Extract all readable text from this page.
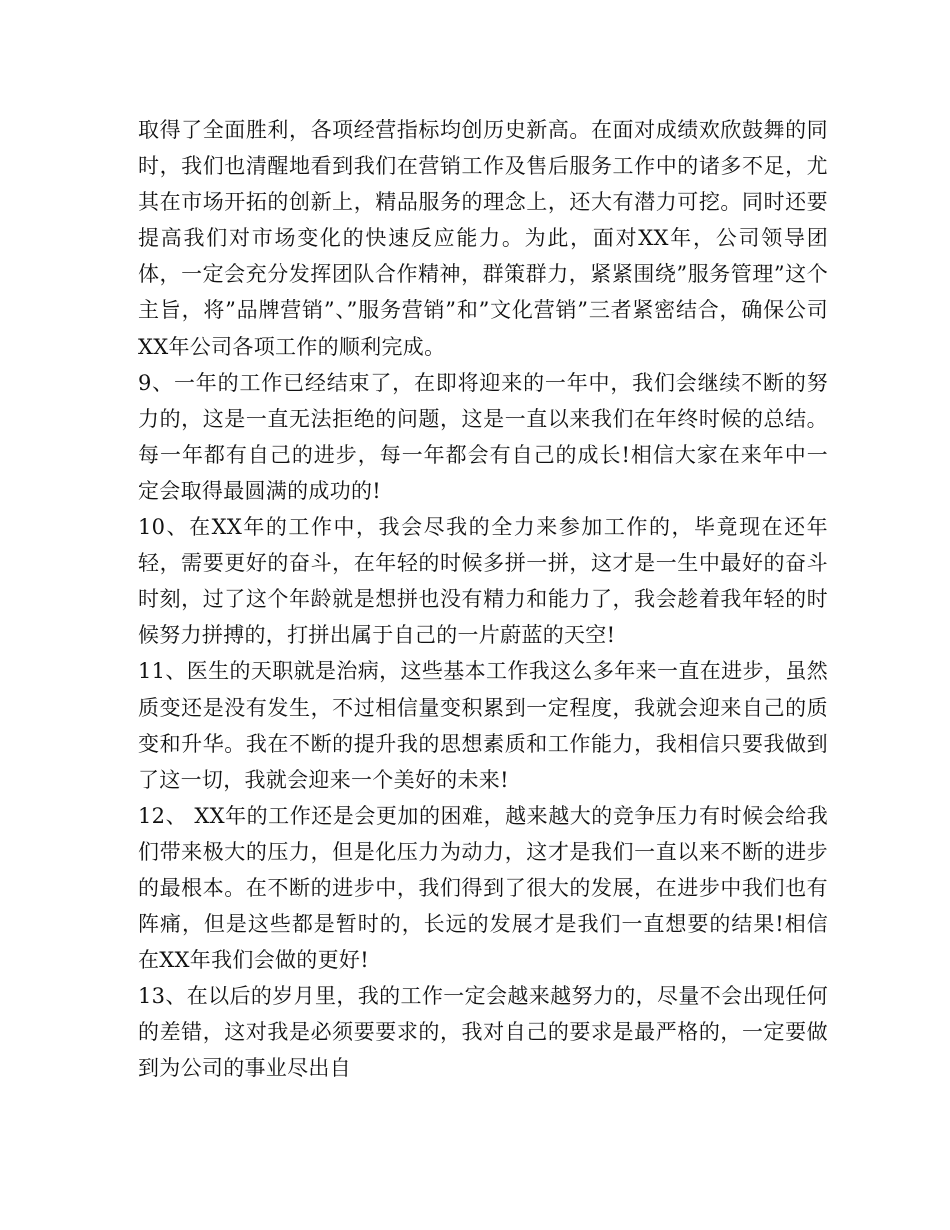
取得了全面胜利，各项经营指标均创历史新高。在面对成绩欢欣鼓舞的同时，我们也清醒地看到我们在营销工作及售后服务工作中的诸多不足，尤其在市场开拓的创新上，精品服务的理念上，还大有潜力可挖。同时还要提高我们对市场变化的快速反应能力。为此，面对XX年，公司领导团体，一定会充分发挥团队合作精神，群策群力，紧紧围绕”服务管理”这个主旨，将”品牌营销”、”服务营销”和”文化营销”三者紧密结合，确保公司XX年公司各项工作的顺利完成。

9、一年的工作已经结束了，在即将迎来的一年中，我们会继续不断的努力的，这是一直无法拒绝的问题，这是一直以来我们在年终时候的总结。每一年都有自己的进步，每一年都会有自己的成长!相信大家在来年中一定会取得最圆满的成功的!

10、在XX年的工作中，我会尽我的全力来参加工作的，毕竟现在还年轻，需要更好的奋斗，在年轻的时候多拼一拼，这才是一生中最好的奋斗时刻，过了这个年龄就是想拼也没有精力和能力了，我会趁着我年轻的时候努力拼搏的，打拼出属于自己的一片蔚蓝的天空!

11、医生的天职就是治病，这些基本工作我这么多年来一直在进步，虽然质变还是没有发生，不过相信量变积累到一定程度，我就会迎来自己的质变和升华。我在不断的提升我的思想素质和工作能力，我相信只要我做到了这一切，我就会迎来一个美好的未来!

12、 XX年的工作还是会更加的困难，越来越大的竞争压力有时候会给我们带来极大的压力，但是化压力为动力，这才是我们一直以来不断的进步的最根本。在不断的进步中，我们得到了很大的发展，在进步中我们也有阵痛，但是这些都是暂时的，长远的发展才是我们一直想要的结果!相信在XX年我们会做的更好!

13、在以后的岁月里，我的工作一定会越来越努力的，尽量不会出现任何的差错，这对我是必须要要求的，我对自己的要求是最严格的，一定要做到为公司的事业尽出自
